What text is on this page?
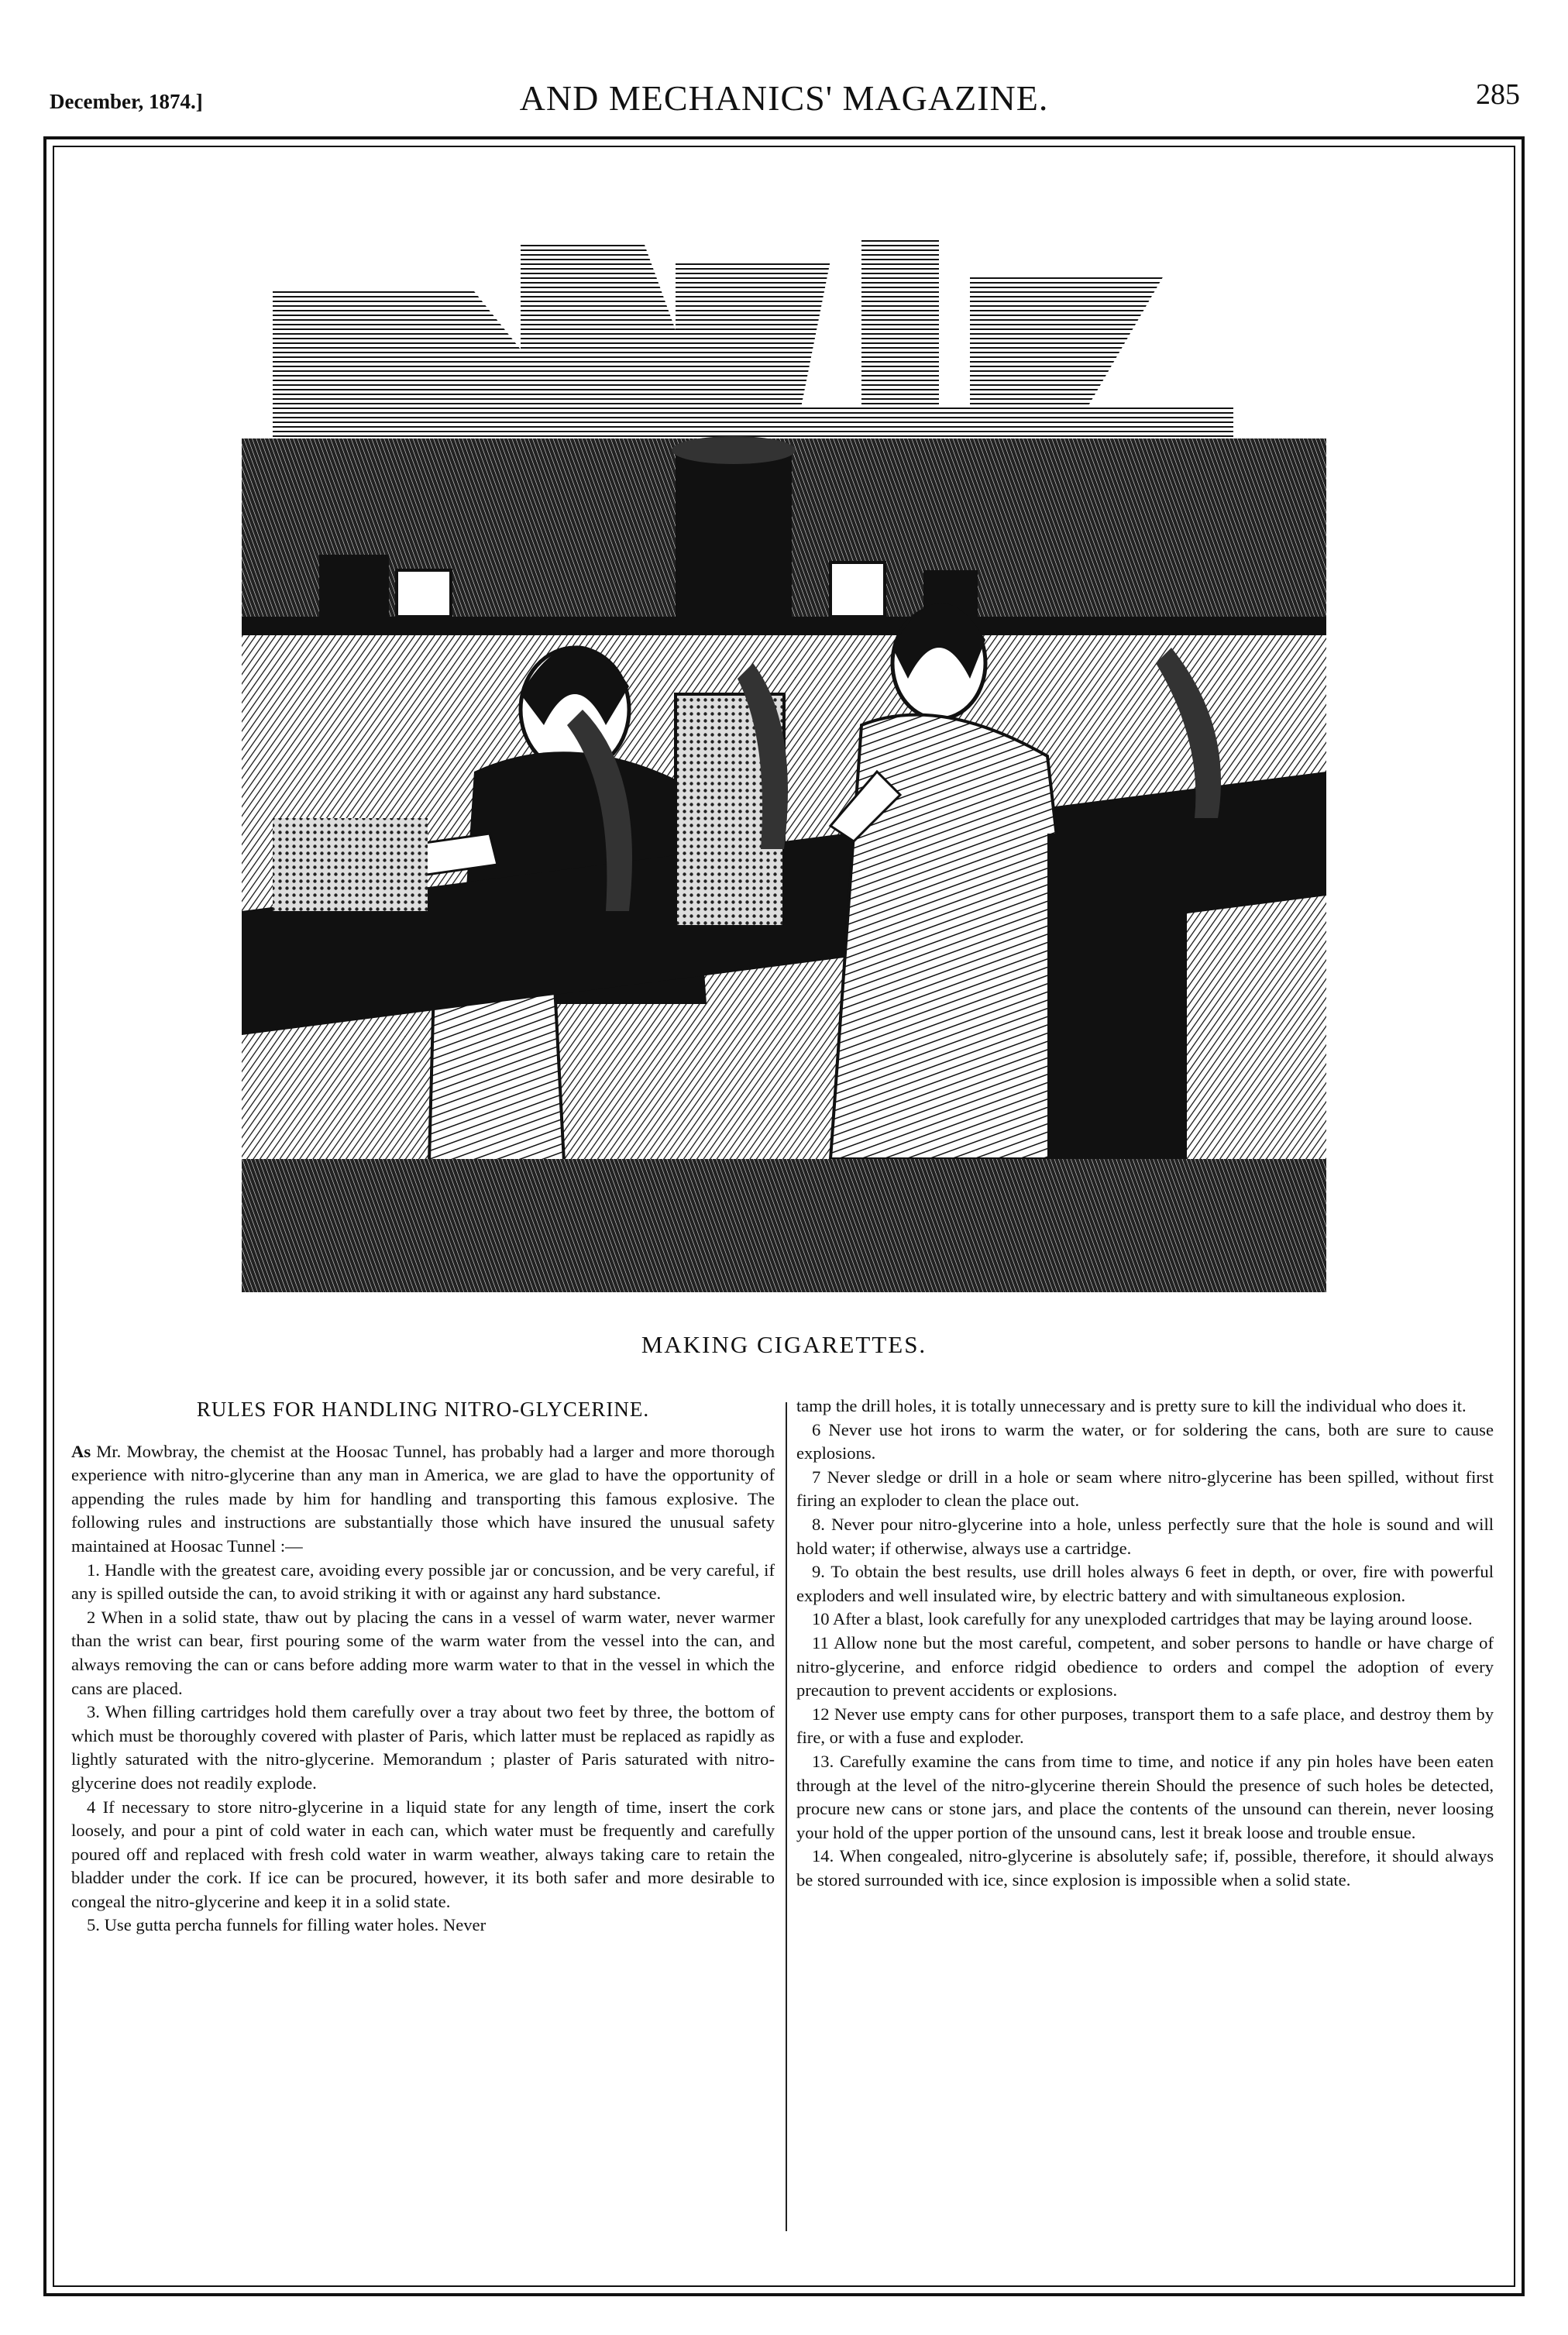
December, 1874.]	AND MECHANICS' MAGAZINE.	285
MAKING CIGARETTES.
RULES FOR HANDLING NITRO-GLYCERINE.

As Mr. Mowbray, the chemist at the Hoosac Tunnel, has probably had a larger and more thorough experience with nitro-glycerine than any man in America, we are glad to have the opportunity of appending the rules made by him for handling and transporting this famous explosive. The following rules and instructions are substantially those which have insured the unusual safety maintained at Hoosac Tunnel :—

1. Handle with the greatest care, avoiding every possible jar or concussion, and be very careful, if any is spilled outside the can, to avoid striking it with or against any hard substance.

2 When in a solid state, thaw out by placing the cans in a vessel of warm water, never warmer than the wrist can bear, first pouring some of the warm water from the vessel into the can, and always removing the can or cans before adding more warm water to that in the vessel in which the cans are placed.

3. When filling cartridges hold them carefully over a tray about two feet by three, the bottom of which must be thoroughly covered with plaster of Paris, which latter must be replaced as rapidly as lightly saturated with the nitro-glycerine. Memorandum ; plaster of Paris saturated with nitro-glycerine does not readily explode.

4 If necessary to store nitro-glycerine in a liquid state for any length of time, insert the cork loosely, and pour a pint of cold water in each can, which water must be frequently and carefully poured off and replaced with fresh cold water in warm weather, always taking care to retain the bladder under the cork. If ice can be procured, however, it its both safer and more desirable to congeal the nitro-glycerine and keep it in a solid state.

5. Use gutta percha funnels for filling water holes. Never

tamp the drill holes, it is totally unnecessary and is pretty sure to kill the individual who does it.

6 Never use hot irons to warm the water, or for soldering the cans, both are sure to cause explosions.

7 Never sledge or drill in a hole or seam where nitro-glycerine has been spilled, without first firing an exploder to clean the place out.

8. Never pour nitro-glycerine into a hole, unless perfectly sure that the hole is sound and will hold water; if otherwise, always use a cartridge.

9. To obtain the best results, use drill holes always 6 feet in depth, or over, fire with powerful exploders and well insulated wire, by electric battery and with simultaneous explosion.

10 After a blast, look carefully for any unexploded cartridges that may be laying around loose.

11 Allow none but the most careful, competent, and sober persons to handle or have charge of nitro-glycerine, and enforce ridgid obedience to orders and compel the adoption of every precaution to prevent accidents or explosions.

12 Never use empty cans for other purposes, transport them to a safe place, and destroy them by fire, or with a fuse and exploder.

13. Carefully examine the cans from time to time, and notice if any pin holes have been eaten through at the level of the nitro-glycerine therein Should the presence of such holes be detected, procure new cans or stone jars, and place the contents of the unsound can therein, never loosing your hold of the upper portion of the unsound cans, lest it break loose and trouble ensue.

14. When congealed, nitro-glycerine is absolutely safe; if, possible, therefore, it should always be stored surrounded with ice, since explosion is impossible when a solid state.
